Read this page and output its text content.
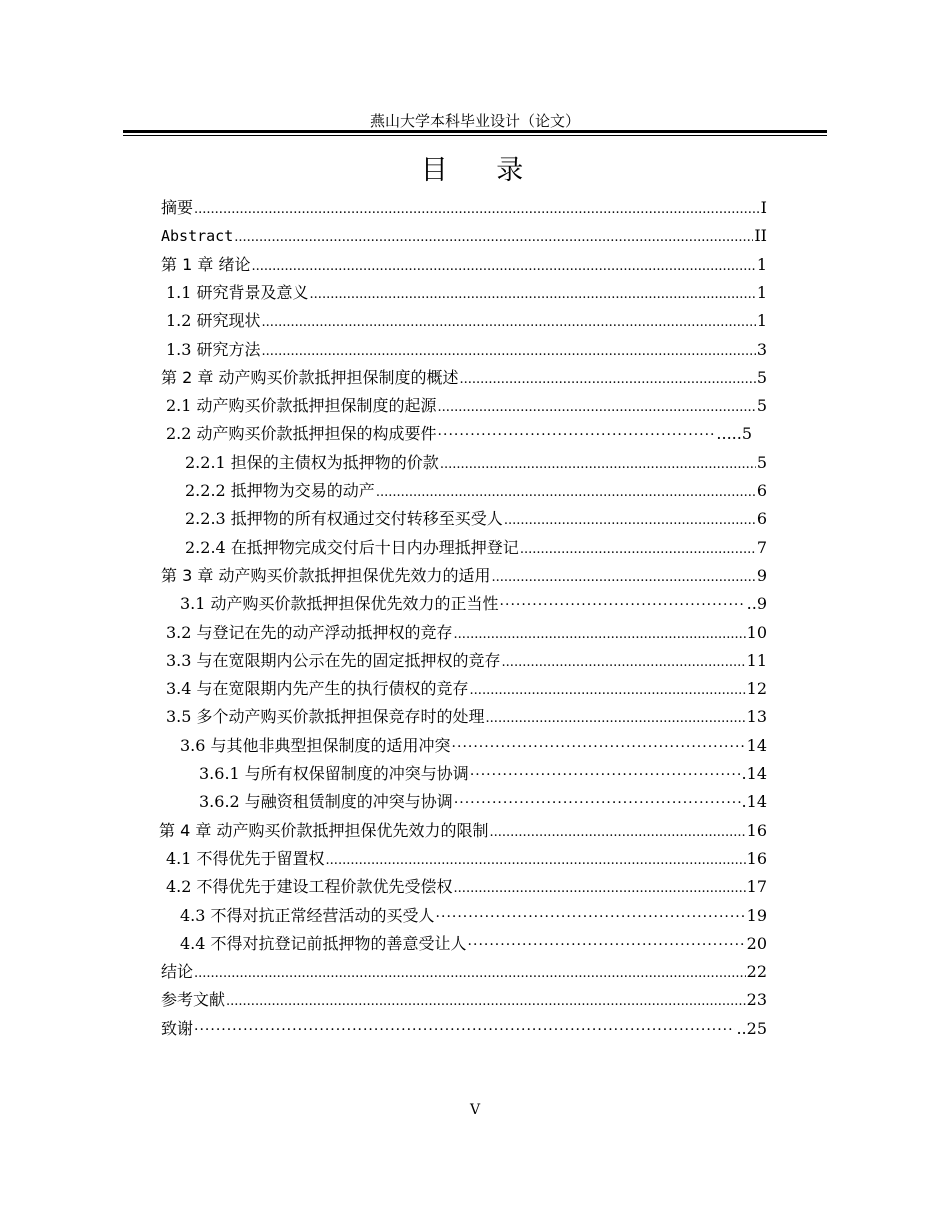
燕山大学本科毕业设计（论文）
目 录
摘要 .....	I
Abstract .....	II
第 1 章 绪论 .....	1
1.1 研究背景及意义 .....	1
1.2 研究现状 .....	1
1.3 研究方法 .....	3
第 2 章 动产购买价款抵押担保制度的概述 .....	5
2.1 动产购买价款抵押担保制度的起源 .....	5
2.2 动产购买价款抵押担保的构成要件 ·····	.....5
2.2.1 担保的主债权为抵押物的价款 .....	5
2.2.2 抵押物为交易的动产 .....	6
2.2.3 抵押物的所有权通过交付转移至买受人 .....	6
2.2.4 在抵押物完成交付后十日内办理抵押登记 .....	7
第 3 章 动产购买价款抵押担保优先效力的适用 .....	9
3.1 动产购买价款抵押担保优先效力的正当性 ·····	..9
3.2 与登记在先的动产浮动抵押权的竞存 .....	10
3.3 与在宽限期内公示在先的固定抵押权的竞存 .....	11
3.4 与在宽限期内先产生的执行债权的竞存 .....	12
3.5 多个动产购买价款抵押担保竞存时的处理 .....	13
3.6 与其他非典型担保制度的适用冲突 ·····	14
3.6.1 与所有权保留制度的冲突与协调 ·····	.14
3.6.2 与融资租赁制度的冲突与协调 ·····	.14
第 4 章 动产购买价款抵押担保优先效力的限制 .....	16
4.1 不得优先于留置权 .....	16
4.2 不得优先于建设工程价款优先受偿权 .....	17
4.3 不得对抗正常经营活动的买受人 ·····	19
4.4 不得对抗登记前抵押物的善意受让人 ·····	20
结论 .....	22
参考文献 .....	23
致谢 ·····	..25
V
